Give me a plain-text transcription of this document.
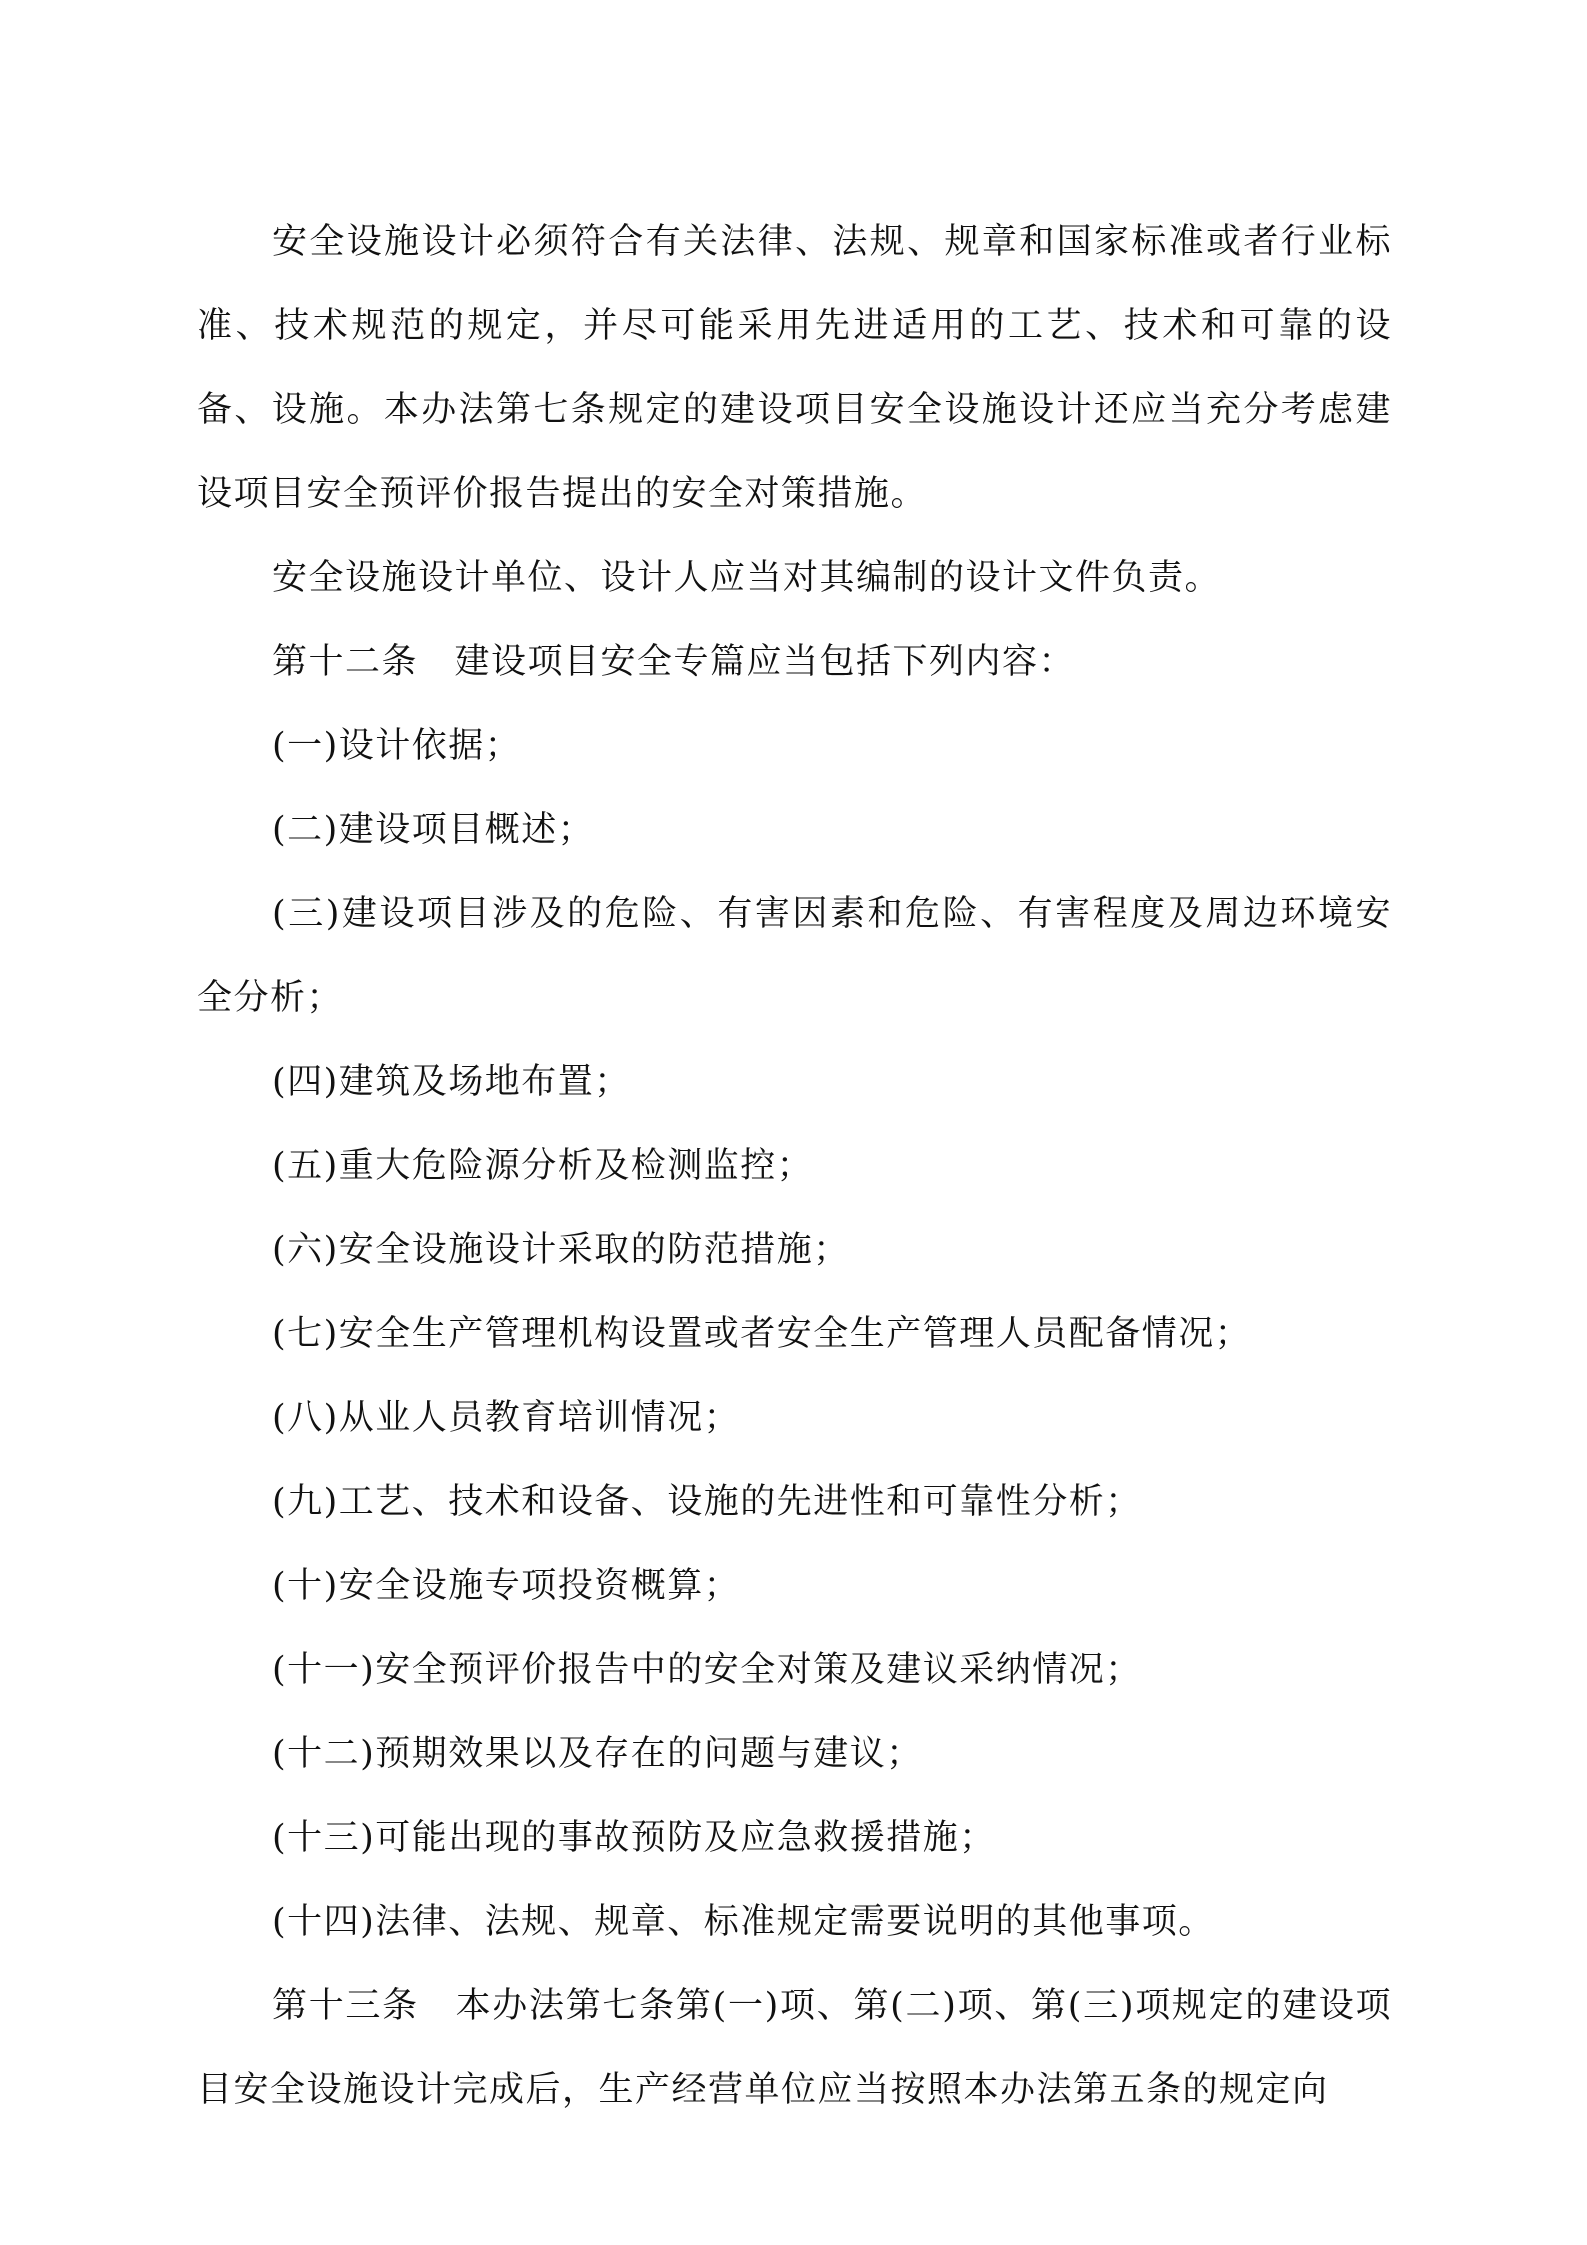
安全设施设计必须符合有关法律、法规、规章和国家标准或者行业标准、技术规范的规定，并尽可能采用先进适用的工艺、技术和可靠的设备、设施。本办法第七条规定的建设项目安全设施设计还应当充分考虑建设项目安全预评价报告提出的安全对策措施。

安全设施设计单位、设计人应当对其编制的设计文件负责。

第十二条　建设项目安全专篇应当包括下列内容：

(一)设计依据；

(二)建设项目概述；

(三)建设项目涉及的危险、有害因素和危险、有害程度及周边环境安全分析；

(四)建筑及场地布置；

(五)重大危险源分析及检测监控；

(六)安全设施设计采取的防范措施；

(七)安全生产管理机构设置或者安全生产管理人员配备情况；

(八)从业人员教育培训情况；

(九)工艺、技术和设备、设施的先进性和可靠性分析；

(十)安全设施专项投资概算；

(十一)安全预评价报告中的安全对策及建议采纳情况；

(十二)预期效果以及存在的问题与建议；

(十三)可能出现的事故预防及应急救援措施；

(十四)法律、法规、规章、标准规定需要说明的其他事项。

第十三条　本办法第七条第(一)项、第(二)项、第(三)项规定的建设项目安全设施设计完成后，生产经营单位应当按照本办法第五条的规定向
